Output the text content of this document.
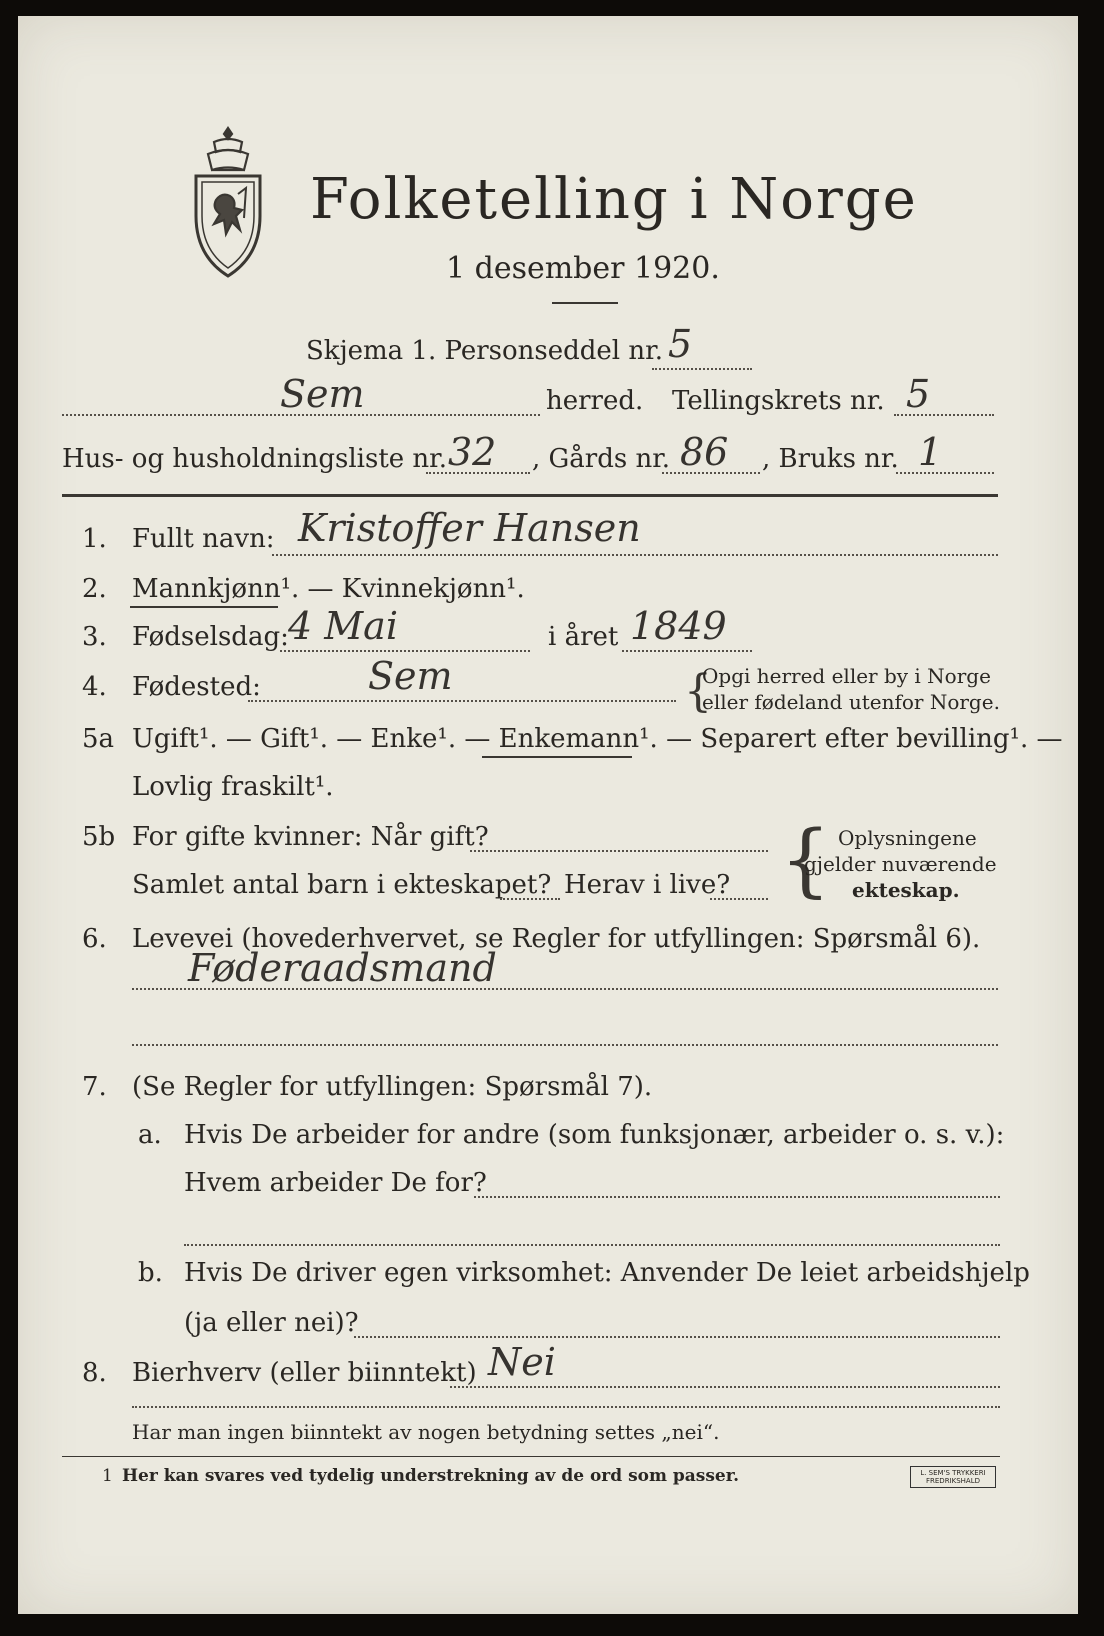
Folketelling i Norge
1 desember 1920.
Skjema 1. Personseddel nr. 5
Sem	herred. Tellingskrets nr. 5
Hus- og husholdningsliste nr. 32 , Gårds nr. 86 , Bruks nr. 1
1. Fullt navn: Kristoffer Hansen
2. Mannkjønn¹. — Kvinnekjønn¹.
3. Fødselsdag: 4 Mai	i året 1849
4. Fødested:	Sem	{
Opgi herred eller by i Norge
eller fødeland utenfor Norge.
5a Ugift¹. — Gift¹. — Enke¹. — Enkemann¹. — Separert efter bevilling¹. —
Lovlig fraskilt¹.
5b For gifte kvinner: Når gift?
Samlet antal barn i ekteskapet? Herav i live? { Oplysningene
gjelder nuværende
ekteskap.
6. Levevei (hovederhvervet, se Regler for utfyllingen: Spørsmål 6).
Føderaadsmand
7. (Se Regler for utfyllingen: Spørsmål 7).
a. Hvis De arbeider for andre (som funksjonær, arbeider o. s. v.):
Hvem arbeider De for?
b. Hvis De driver egen virksomhet: Anvender De leiet arbeidshjelp
(ja eller nei)?
8. Bierhverv (eller biinntekt) Nei
Har man ingen biinntekt av nogen betydning settes „nei“.
1 Her kan svares ved tydelig understrekning av de ord som passer.	L. SEM'S TRYKKERI FREDRIKSHALD
